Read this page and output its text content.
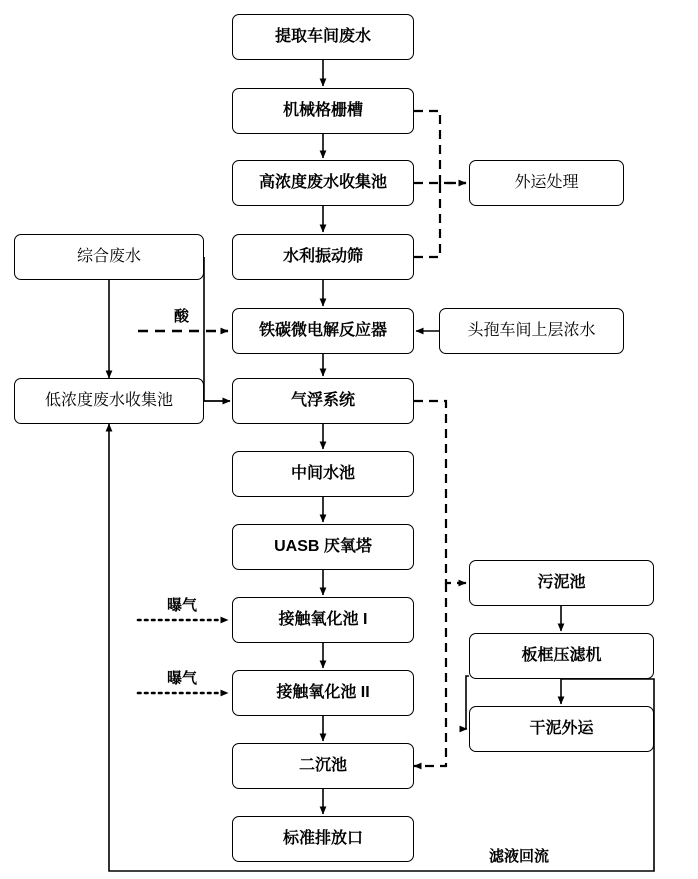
提取车间废水
机械格栅槽
高浓度废水收集池
水利振动筛
铁碳微电解反应器
气浮系统
中间水池
UASB 厌氧塔
接触氧化池 I
接触氧化池 II
二沉池
标准排放口
外运处理
综合废水
头孢车间上层浓水
低浓度废水收集池
污泥池
板框压滤机
干泥外运
酸
曝气
曝气
滤液回流
